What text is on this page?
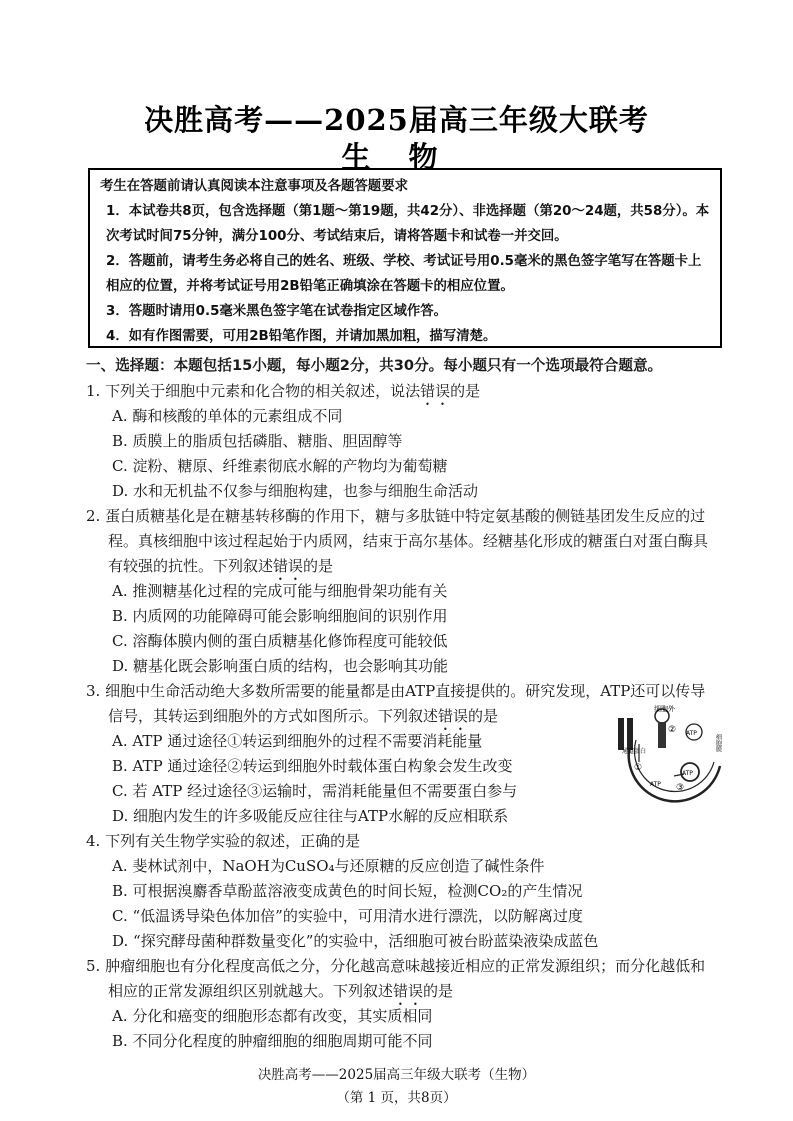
决胜高考——2025届高三年级大联考
生 物

考生在答题前请认真阅读本注意事项及各题答题要求

1．本试卷共8页，包含选择题（第1题～第19题，共42分）、非选择题（第20～24题，共58分）。本次考试时间75分钟，满分100分、考试结束后，请将答题卡和试卷一并交回。

2．答题前，请考生务必将自己的姓名、班级、学校、考试证号用0.5毫米的黑色签字笔写在答题卡上相应的位置，并将考试证号用2B铅笔正确填涂在答题卡的相应位置。

3．答题时请用0.5毫米黑色签字笔在试卷指定区域作答。

4．如有作图需要，可用2B铅笔作图，并请加黑加粗，描写清楚。

一、选择题：本题包括15小题，每小题2分，共30分。每小题只有一个选项最符合题意。
1. 下列关于细胞中元素和化合物的相关叙述，说法错误的是
A. 酶和核酸的单体的元素组成不同
B. 质膜上的脂质包括磷脂、糖脂、胆固醇等
C. 淀粉、糖原、纤维素彻底水解的产物均为葡萄糖
D. 水和无机盐不仅参与细胞构建，也参与细胞生命活动
2. 蛋白质糖基化是在糖基转移酶的作用下，糖与多肽链中特定氨基酸的侧链基团发生反应的过
程。真核细胞中该过程起始于内质网，结束于高尔基体。经糖基化形成的糖蛋白对蛋白酶具
有较强的抗性。下列叙述错误的是
A. 推测糖基化过程的完成可能与细胞骨架功能有关
B. 内质网的功能障碍可能会影响细胞间的识别作用
C. 溶酶体膜内侧的蛋白质糖基化修饰程度可能较低
D. 糖基化既会影响蛋白质的结构，也会影响其功能
3. 细胞中生命活动绝大多数所需要的能量都是由ATP直接提供的。研究发现，ATP还可以传导
信号，其转运到细胞外的方式如图所示。下列叙述错误的是
A. ATP 通过途径①转运到细胞外的过程不需要消耗能量
B. ATP 通过途径②转运到细胞外时载体蛋白构象会发生改变
C. 若 ATP 经过途径③运输时，需消耗能量但不需要蛋白参与
D. 细胞内发生的许多吸能反应往往与ATP水解的反应相联系
细胞外
通道蛋白	细胞膜
ATP
ATP
ATP
①
②
③
4. 下列有关生物学实验的叙述，正确的是
A. 斐林试剂中，NaOH为CuSO₄与还原糖的反应创造了碱性条件
B. 可根据溴麝香草酚蓝溶液变成黄色的时间长短，检测CO₂的产生情况
C. “低温诱导染色体加倍”的实验中，可用清水进行漂洗，以防解离过度
D. “探究酵母菌种群数量变化”的实验中，活细胞可被台盼蓝染液染成蓝色
5. 肿瘤细胞也有分化程度高低之分，分化越高意味越接近相应的正常发源组织；而分化越低和
相应的正常发源组织区别就越大。下列叙述错误的是
A. 分化和癌变的细胞形态都有改变，其实质相同
B. 不同分化程度的肿瘤细胞的细胞周期可能不同
决胜高考——2025届高三年级大联考（生物）
（第 1 页，共8页）
